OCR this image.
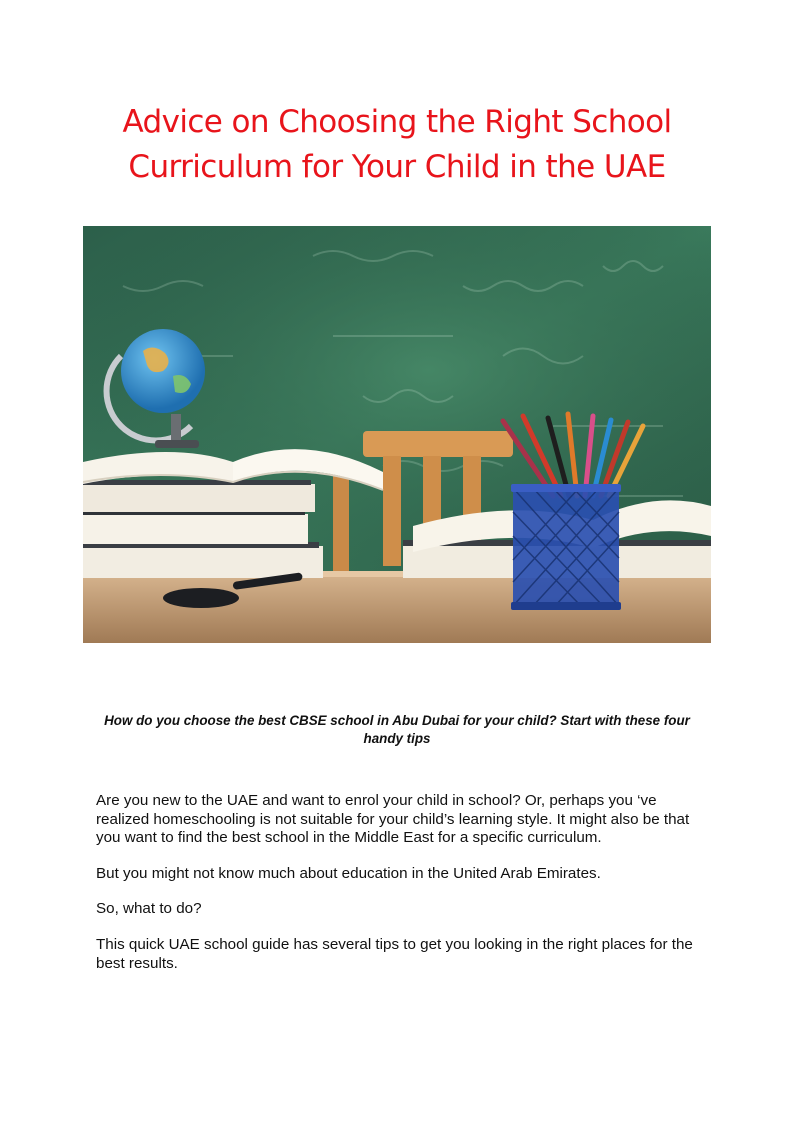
Advice on Choosing the Right School
Curriculum for Your Child in the UAE

How do you choose the best CBSE school in Abu Dubai for your child? Start with these four handy tips

Are you new to the UAE and want to enrol your child in school? Or, perhaps you ‘ve realized homeschooling is not suitable for your child’s learning style. It might also be that you want to find the best school in the Middle East for a specific curriculum.

But you might not know much about education in the United Arab Emirates.

So, what to do?

This quick UAE school guide has several tips to get you looking in the right places for the best results.
